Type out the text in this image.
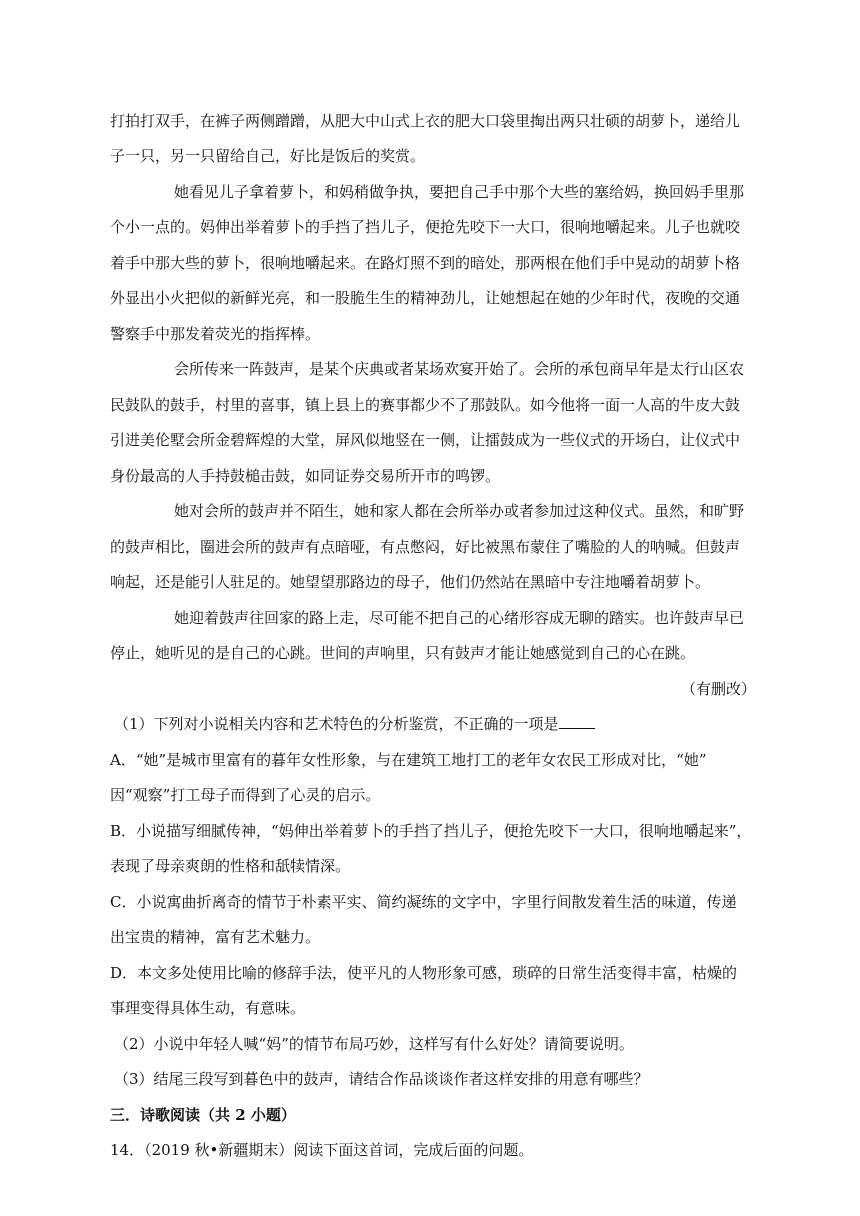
打拍打双手，在裤子两侧蹭蹭，从肥大中山式上衣的肥大口袋里掏出两只壮硕的胡萝卜，递给儿
子一只，另一只留给自己，好比是饭后的奖赏。
她看见儿子拿着萝卜，和妈稍做争执，要把自己手中那个大些的塞给妈，换回妈手里那
个小一点的。妈伸出举着萝卜的手挡了挡儿子，便抢先咬下一大口，很响地嚼起来。儿子也就咬
着手中那大些的萝卜，很响地嚼起来。在路灯照不到的暗处，那两根在他们手中晃动的胡萝卜格
外显出小火把似的新鲜光亮，和一股脆生生的精神劲儿，让她想起在她的少年时代，夜晚的交通
警察手中那发着荧光的指挥棒。
会所传来一阵鼓声，是某个庆典或者某场欢宴开始了。会所的承包商早年是太行山区农
民鼓队的鼓手，村里的喜事，镇上县上的赛事都少不了那鼓队。如今他将一面一人高的牛皮大鼓
引进美伦墅会所金碧辉煌的大堂，屏风似地竖在一侧，让擂鼓成为一些仪式的开场白，让仪式中
身份最高的人手持鼓槌击鼓，如同证券交易所开市的鸣锣。
她对会所的鼓声并不陌生，她和家人都在会所举办或者参加过这种仪式。虽然，和旷野
的鼓声相比，圈进会所的鼓声有点暗哑，有点憋闷，好比被黑布蒙住了嘴脸的人的呐喊。但鼓声
响起，还是能引人驻足的。她望望那路边的母子，他们仍然站在黑暗中专注地嚼着胡萝卜。
她迎着鼓声往回家的路上走，尽可能不把自己的心绪形容成无聊的踏实。也许鼓声早已
停止，她听见的是自己的心跳。世间的声响里，只有鼓声才能让她感觉到自己的心在跳。
（有删改）
（1）下列对小说相关内容和艺术特色的分析鉴赏，不正确的一项是
A．“她”是城市里富有的暮年女性形象，与在建筑工地打工的老年女农民工形成对比，“她”
因“观察”打工母子而得到了心灵的启示。
B．小说描写细腻传神，“妈伸出举着萝卜的手挡了挡儿子，便抢先咬下一大口，很响地嚼起来”，
表现了母亲爽朗的性格和舐犊情深。
C．小说寓曲折离奇的情节于朴素平实、简约凝练的文字中，字里行间散发着生活的味道，传递
出宝贵的精神，富有艺术魅力。
D．本文多处使用比喻的修辞手法，使平凡的人物形象可感，琐碎的日常生活变得丰富，枯燥的
事理变得具体生动，有意味。
（2）小说中年轻人喊“妈”的情节布局巧妙，这样写有什么好处？请简要说明。
（3）结尾三段写到暮色中的鼓声，请结合作品谈谈作者这样安排的用意有哪些？
三．诗歌阅读（共 2 小题）
14．（2019 秋•新疆期末）阅读下面这首词，完成后面的问题。
